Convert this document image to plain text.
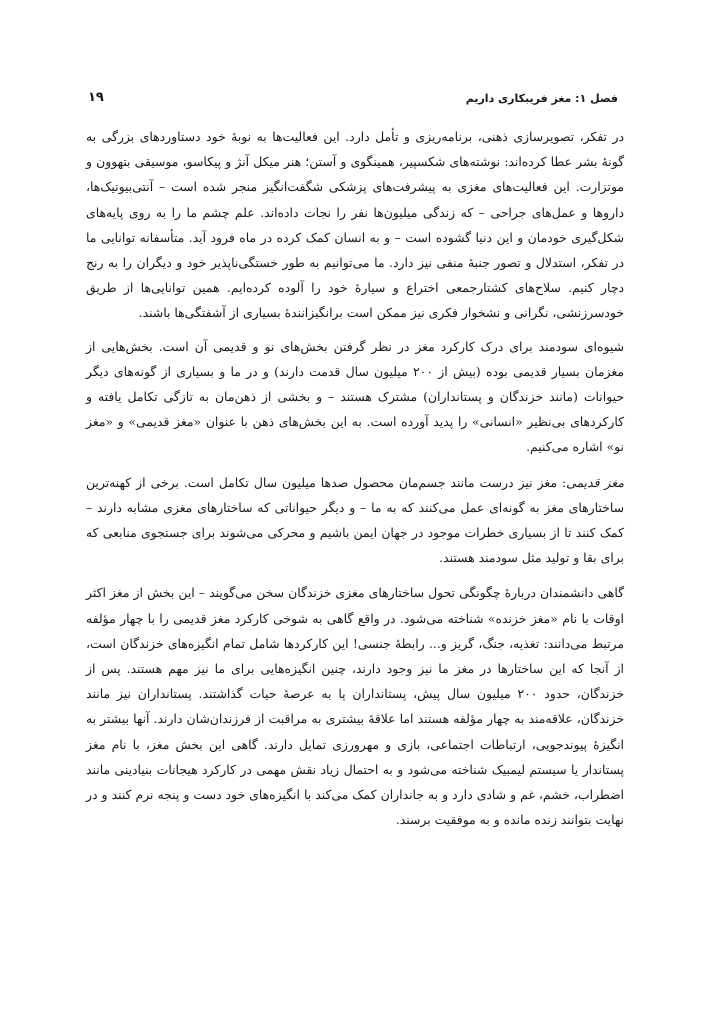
فصل ۱: مغز فریبکاری داریم
۱۹

در تفکر، تصویرسازی ذهنی، برنامه‌ریزی و تأمل دارد. این فعالیت‌ها به نوبهٔ خود دستاوردهای بزرگی به گونهٔ بشر عطا کرده‌اند: نوشته‌های شکسپیر، همینگوی و آستن؛ هنر میکل آنژ و پیکاسو، موسیقی بتهوون و موتزارت. این فعالیت‌های مغزی به پیشرفت‌های پزشکی شگفت‌انگیز منجر شده است – آنتی‌بیوتیک‌ها، داروها و عمل‌های جراحی – که زندگی میلیون‌ها نفر را نجات داده‌اند. علم چشم ما را به روی پایه‌های شکل‌گیری خودمان و این دنیا گشوده است – و به انسان کمک کرده در ماه فرود آید. متأسفانه توانایی ما در تفکر، استدلال و تصور جنبهٔ منفی نیز دارد. ما می‌توانیم به طور خستگی‌ناپذیر خود و دیگران را به رنج دچار کنیم. سلاح‌های کشتارجمعی اختراع و سیارهٔ خود را آلوده کرده‌ایم. همین توانایی‌ها از طریق خودسرزنشی، نگرانی و نشخوار فکری نیز ممکن است برانگیزانندهٔ بسیاری از آشفتگی‌ها باشند.

شیوه‌ای سودمند برای درک کارکرد مغز در نظر گرفتن بخش‌های نو و قدیمی آن است. بخش‌هایی از مغزمان بسیار قدیمی بوده (بیش از ۲۰۰ میلیون سال قدمت دارند) و در ما و بسیاری از گونه‌های دیگر حیوانات (مانند خزندگان و پستانداران) مشترک هستند – و بخشی از ذهن‌مان به تازگی تکامل یافته و کارکردهای بی‌نظیر «انسانی» را پدید آورده است. به این بخش‌های ذهن با عنوان «مغز قدیمی» و «مغز نو» اشاره می‌کنیم.

مغز قدیمی: مغز نیز درست مانند جسم‌مان محصول صدها میلیون سال تکامل است. برخی از کهنه‌ترین ساختارهای مغز به گونه‌ای عمل می‌کنند که به ما – و دیگر حیواناتی که ساختارهای مغزی مشابه دارند – کمک کنند تا از بسیاری خطرات موجود در جهان ایمن باشیم و محرکی می‌شوند برای جستجوی منابعی که برای بقا و تولید مثل سودمند هستند.

گاهی دانشمندان دربارهٔ چگونگی تحول ساختارهای مغزی خزندگان سخن می‌گویند – این بخش از مغز اکثر اوقات با نام «مغز خزنده» شناخته می‌شود. در واقع گاهی به شوخی کارکرد مغز قدیمی را با چهار مؤلفه مرتبط می‌دانند: تغذیه، جنگ، گریز و... رابطهٔ جنسی! این کارکردها شامل تمام انگیزه‌های خزندگان است، از آنجا که این ساختارها در مغز ما نیز وجود دارند، چنین انگیزه‌هایی برای ما نیز مهم هستند. پس از خزندگان، حدود ۲۰۰ میلیون سال پیش، پستانداران پا به عرصهٔ حیات گذاشتند. پستانداران نیز مانند خزندگان، علاقه‌مند به چهار مؤلفه هستند اما علاقهٔ بیشتری به مراقبت از فرزندان‌شان دارند. آنها بیشتر به انگیزهٔ پیوندجویی، ارتباطات اجتماعی، بازی و مهرورزی تمایل دارند. گاهی این بخش مغز، با نام مغز پستاندار یا سیستم لیمبیک شناخته می‌شود و به احتمال زیاد نقش مهمی در کارکرد هیجانات بنیادینی مانند اضطراب، خشم، غم و شادی دارد و به جانداران کمک می‌کند با انگیزه‌های خود دست و پنجه نرم کنند و در نهایت بتوانند زنده مانده و به موفقیت برسند.
